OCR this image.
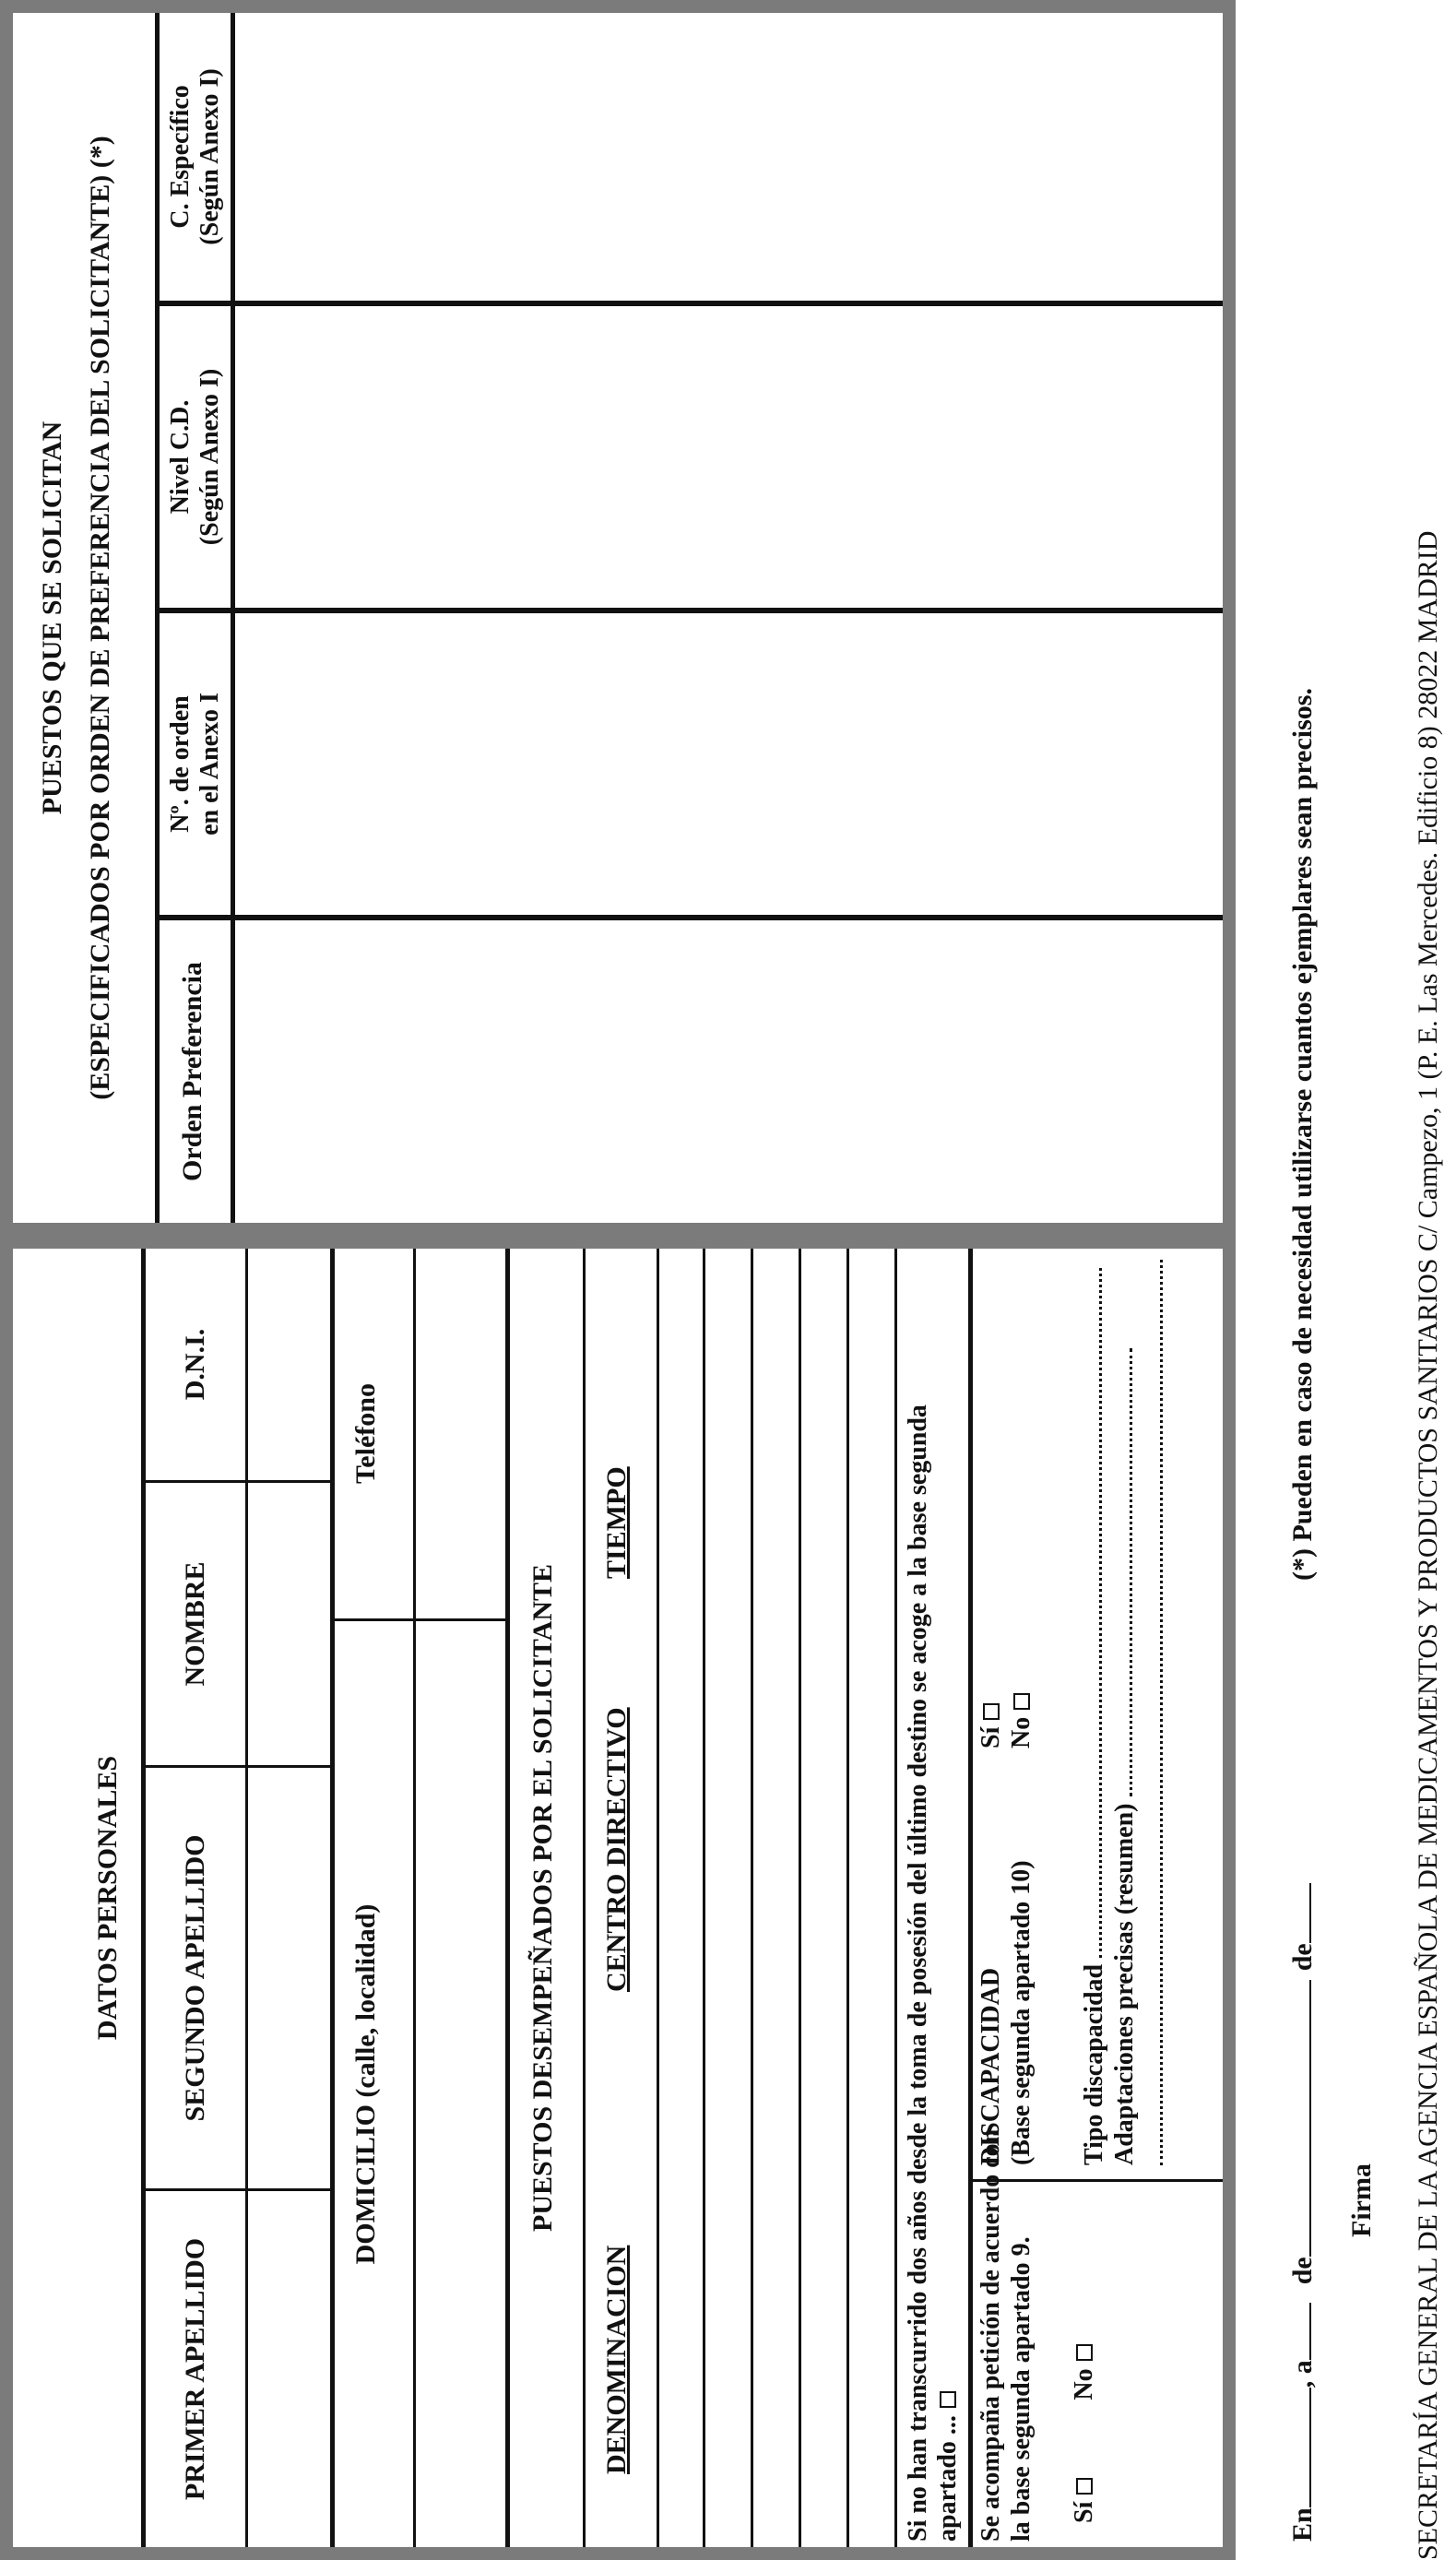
DATOS PERSONALES
PRIMER APELLIDO
SEGUNDO APELLIDO
NOMBRE
D.N.I.
DOMICILIO (calle, localidad)
Teléfono
PUESTOS DESEMPEÑADOS POR EL SOLICITANTE
DENOMINACION
CENTRO DIRECTIVO
TIEMPO	Si no han transcurrido dos años desde la toma de posesión del último destino se acoge a la base segunda apartado ... Se acompaña petición de acuerdo con la base segunda apartado 9. Sí  No
DISCAPACIDAD (Base segunda apartado 10)
Sí No
Tipo discapacidad Adaptaciones precisas (resumen)
PUESTOS QUE SE SOLICITAN (ESPECIFICADOS POR ORDEN DE PREFERENCIA DEL SOLICITANTE) (*) Orden Preferencia
Nº. de orden en el Anexo I
Nivel C.D. (Según Anexo I)
C. Específico (Según Anexo I)
En, adede
Firma
(*) Pueden en caso de necesidad utilizarse cuantos ejemplares sean precisos.	SECRETARÍA GENERAL DE LA AGENCIA ESPAÑOLA DE MEDICAMENTOS Y PRODUCTOS SANITARIOS C/ Campezo, 1 (P. E. Las Mercedes. Edificio 8) 28022 MADRID
